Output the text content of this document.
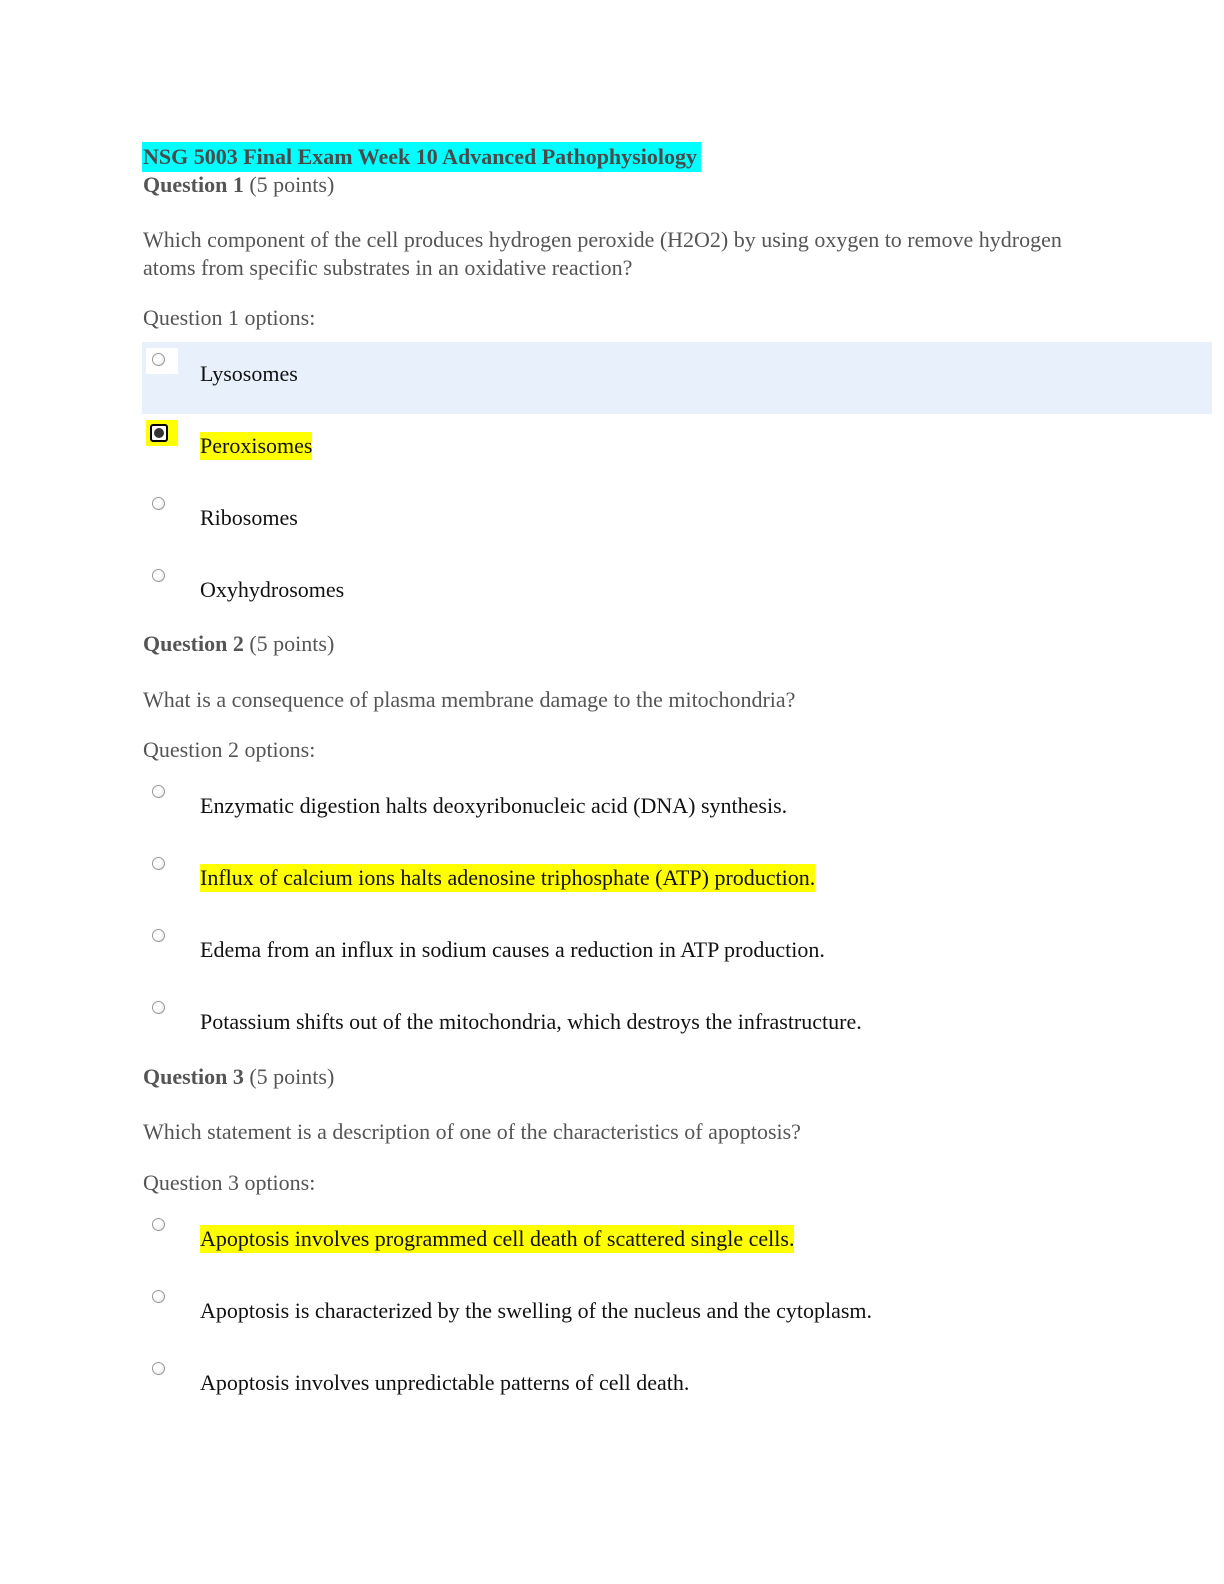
NSG 5003 Final Exam Week 10 Advanced Pathophysiology
Question 1 (5 points)
Which component of the cell produces hydrogen peroxide (H2O2) by using oxygen to remove hydrogen atoms from specific substrates in an oxidative reaction?
Question 1 options:
Lysosomes
Peroxisomes
Ribosomes
Oxyhydrosomes
Question 2 (5 points)
What is a consequence of plasma membrane damage to the mitochondria?
Question 2 options:
Enzymatic digestion halts deoxyribonucleic acid (DNA) synthesis.
Influx of calcium ions halts adenosine triphosphate (ATP) production.
Edema from an influx in sodium causes a reduction in ATP production.
Potassium shifts out of the mitochondria, which destroys the infrastructure.
Question 3 (5 points)
Which statement is a description of one of the characteristics of apoptosis?
Question 3 options:
Apoptosis involves programmed cell death of scattered single cells.
Apoptosis is characterized by the swelling of the nucleus and the cytoplasm.
Apoptosis involves unpredictable patterns of cell death.
